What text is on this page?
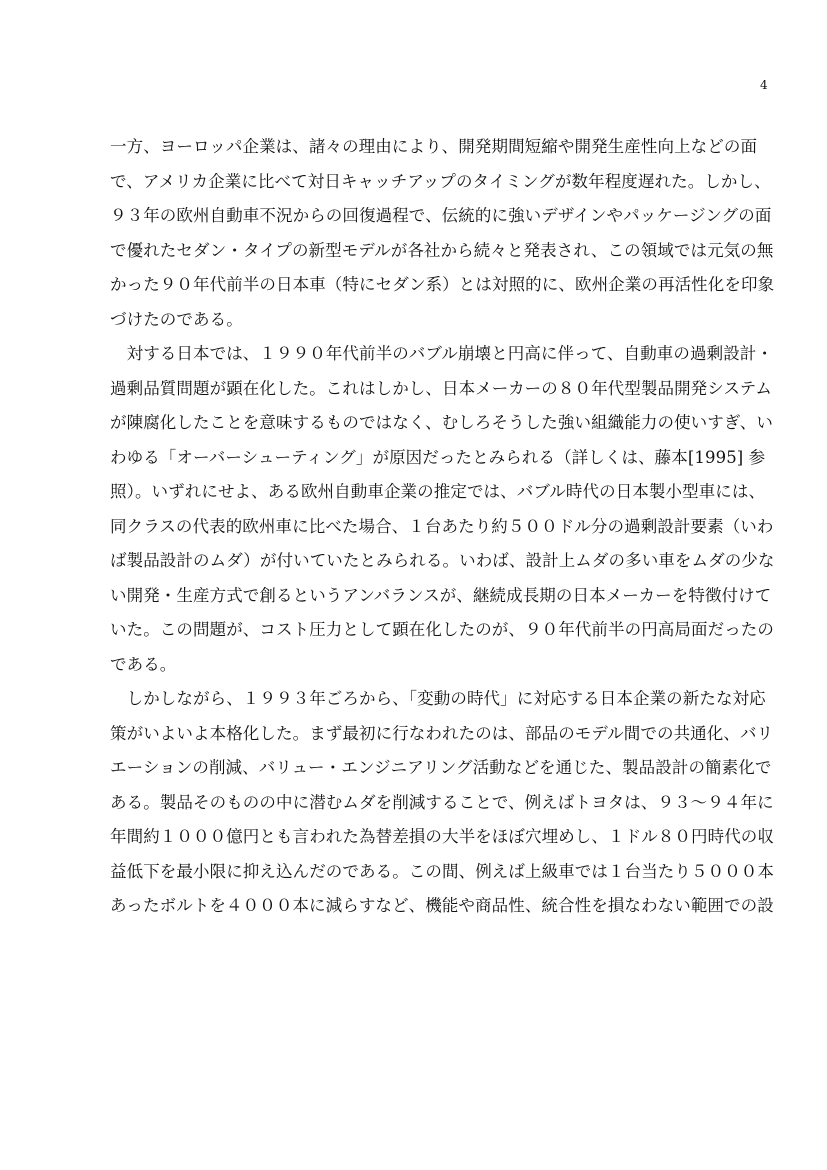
4
一方、ヨーロッパ企業は、諸々の理由により、開発期間短縮や開発生産性向上などの面
で、アメリカ企業に比べて対日キャッチアップのタイミングが数年程度遅れた。しかし、
９３年の欧州自動車不況からの回復過程で、伝統的に強いデザインやパッケージングの面
で優れたセダン・タイプの新型モデルが各社から続々と発表され、この領域では元気の無
かった９０年代前半の日本車（特にセダン系）とは対照的に、欧州企業の再活性化を印象
づけたのである。
　対する日本では、１９９０年代前半のバブル崩壊と円高に伴って、自動車の過剰設計・
過剰品質問題が顕在化した。これはしかし、日本メーカーの８０年代型製品開発システム
が陳腐化したことを意味するものではなく、むしろそうした強い組織能力の使いすぎ、い
わゆる「オーバーシューティング」が原因だったとみられる（詳しくは、藤本[1995] 参
照）。いずれにせよ、ある欧州自動車企業の推定では、バブル時代の日本製小型車には、
同クラスの代表的欧州車に比べた場合、１台あたり約５００ドル分の過剰設計要素（いわ
ば製品設計のムダ）が付いていたとみられる。いわば、設計上ムダの多い車をムダの少な
い開発・生産方式で創るというアンバランスが、継続成長期の日本メーカーを特徴付けて
いた。この問題が、コスト圧力として顕在化したのが、９０年代前半の円高局面だったの
である。
　しかしながら、１９９３年ごろから、「変動の時代」に対応する日本企業の新たな対応
策がいよいよ本格化した。まず最初に行なわれたのは、部品のモデル間での共通化、バリ
エーションの削減、バリュー・エンジニアリング活動などを通じた、製品設計の簡素化で
ある。製品そのものの中に潜むムダを削減することで、例えばトヨタは、９３～９４年に
年間約１０００億円とも言われた為替差損の大半をほぼ穴埋めし、１ドル８０円時代の収
益低下を最小限に抑え込んだのである。この間、例えば上級車では１台当たり５０００本
あったボルトを４０００本に減らすなど、機能や商品性、統合性を損なわない範囲での設
